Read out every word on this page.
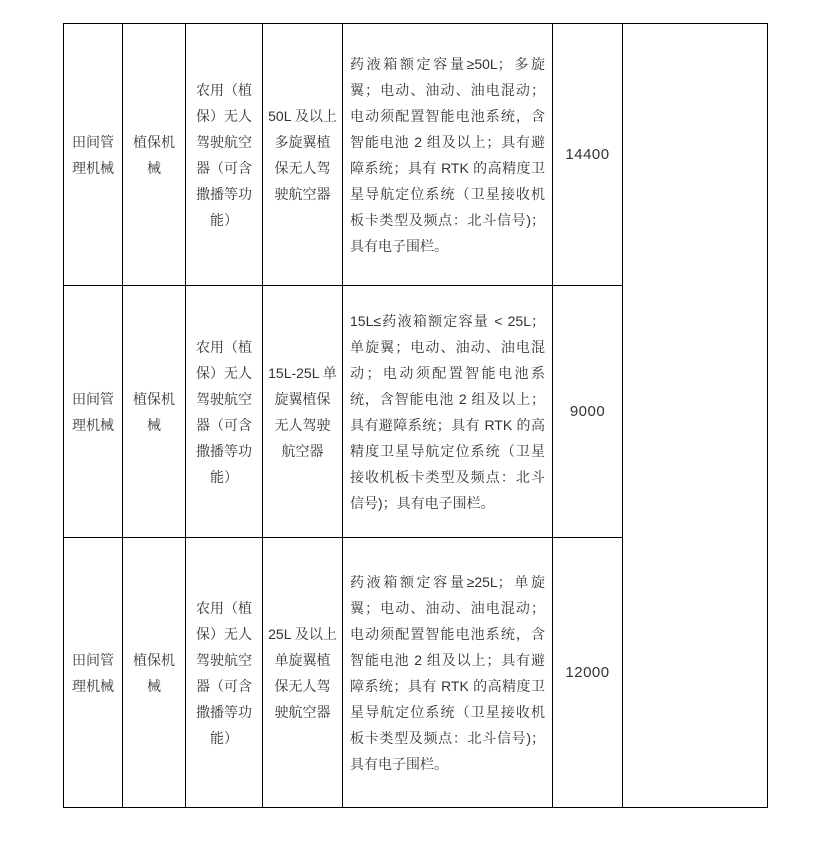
田间管理机械	植保机械	农用（植保）无人驾驶航空器（可含撒播等功能）	50L 及以上多旋翼植保无人驾驶航空器	药液箱额定容量≥50L；多旋翼；电动、油动、油电混动；电动须配置智能电池系统，含智能电池 2 组及以上；具有避障系统；具有 RTK 的高精度卫星导航定位系统（卫星接收机板卡类型及频点：北斗信号)；具有电子围栏。	14400	
田间管理机械	植保机械	农用（植保）无人驾驶航空器（可含撒播等功能）	15L-25L 单旋翼植保无人驾驶航空器	15L≤药液箱额定容量 < 25L；单旋翼；电动、油动、油电混动；电动须配置智能电池系统，含智能电池 2 组及以上；具有避障系统；具有 RTK 的高精度卫星导航定位系统（卫星接收机板卡类型及频点：北斗信号)；具有电子围栏。	9000	
田间管理机械	植保机械	农用（植保）无人驾驶航空器（可含撒播等功能）	25L 及以上单旋翼植保无人驾驶航空器	药液箱额定容量≥25L；单旋翼；电动、油动、油电混动；电动须配置智能电池系统，含智能电池 2 组及以上；具有避障系统；具有 RTK 的高精度卫星导航定位系统（卫星接收机板卡类型及频点：北斗信号)；具有电子围栏。	12000	
